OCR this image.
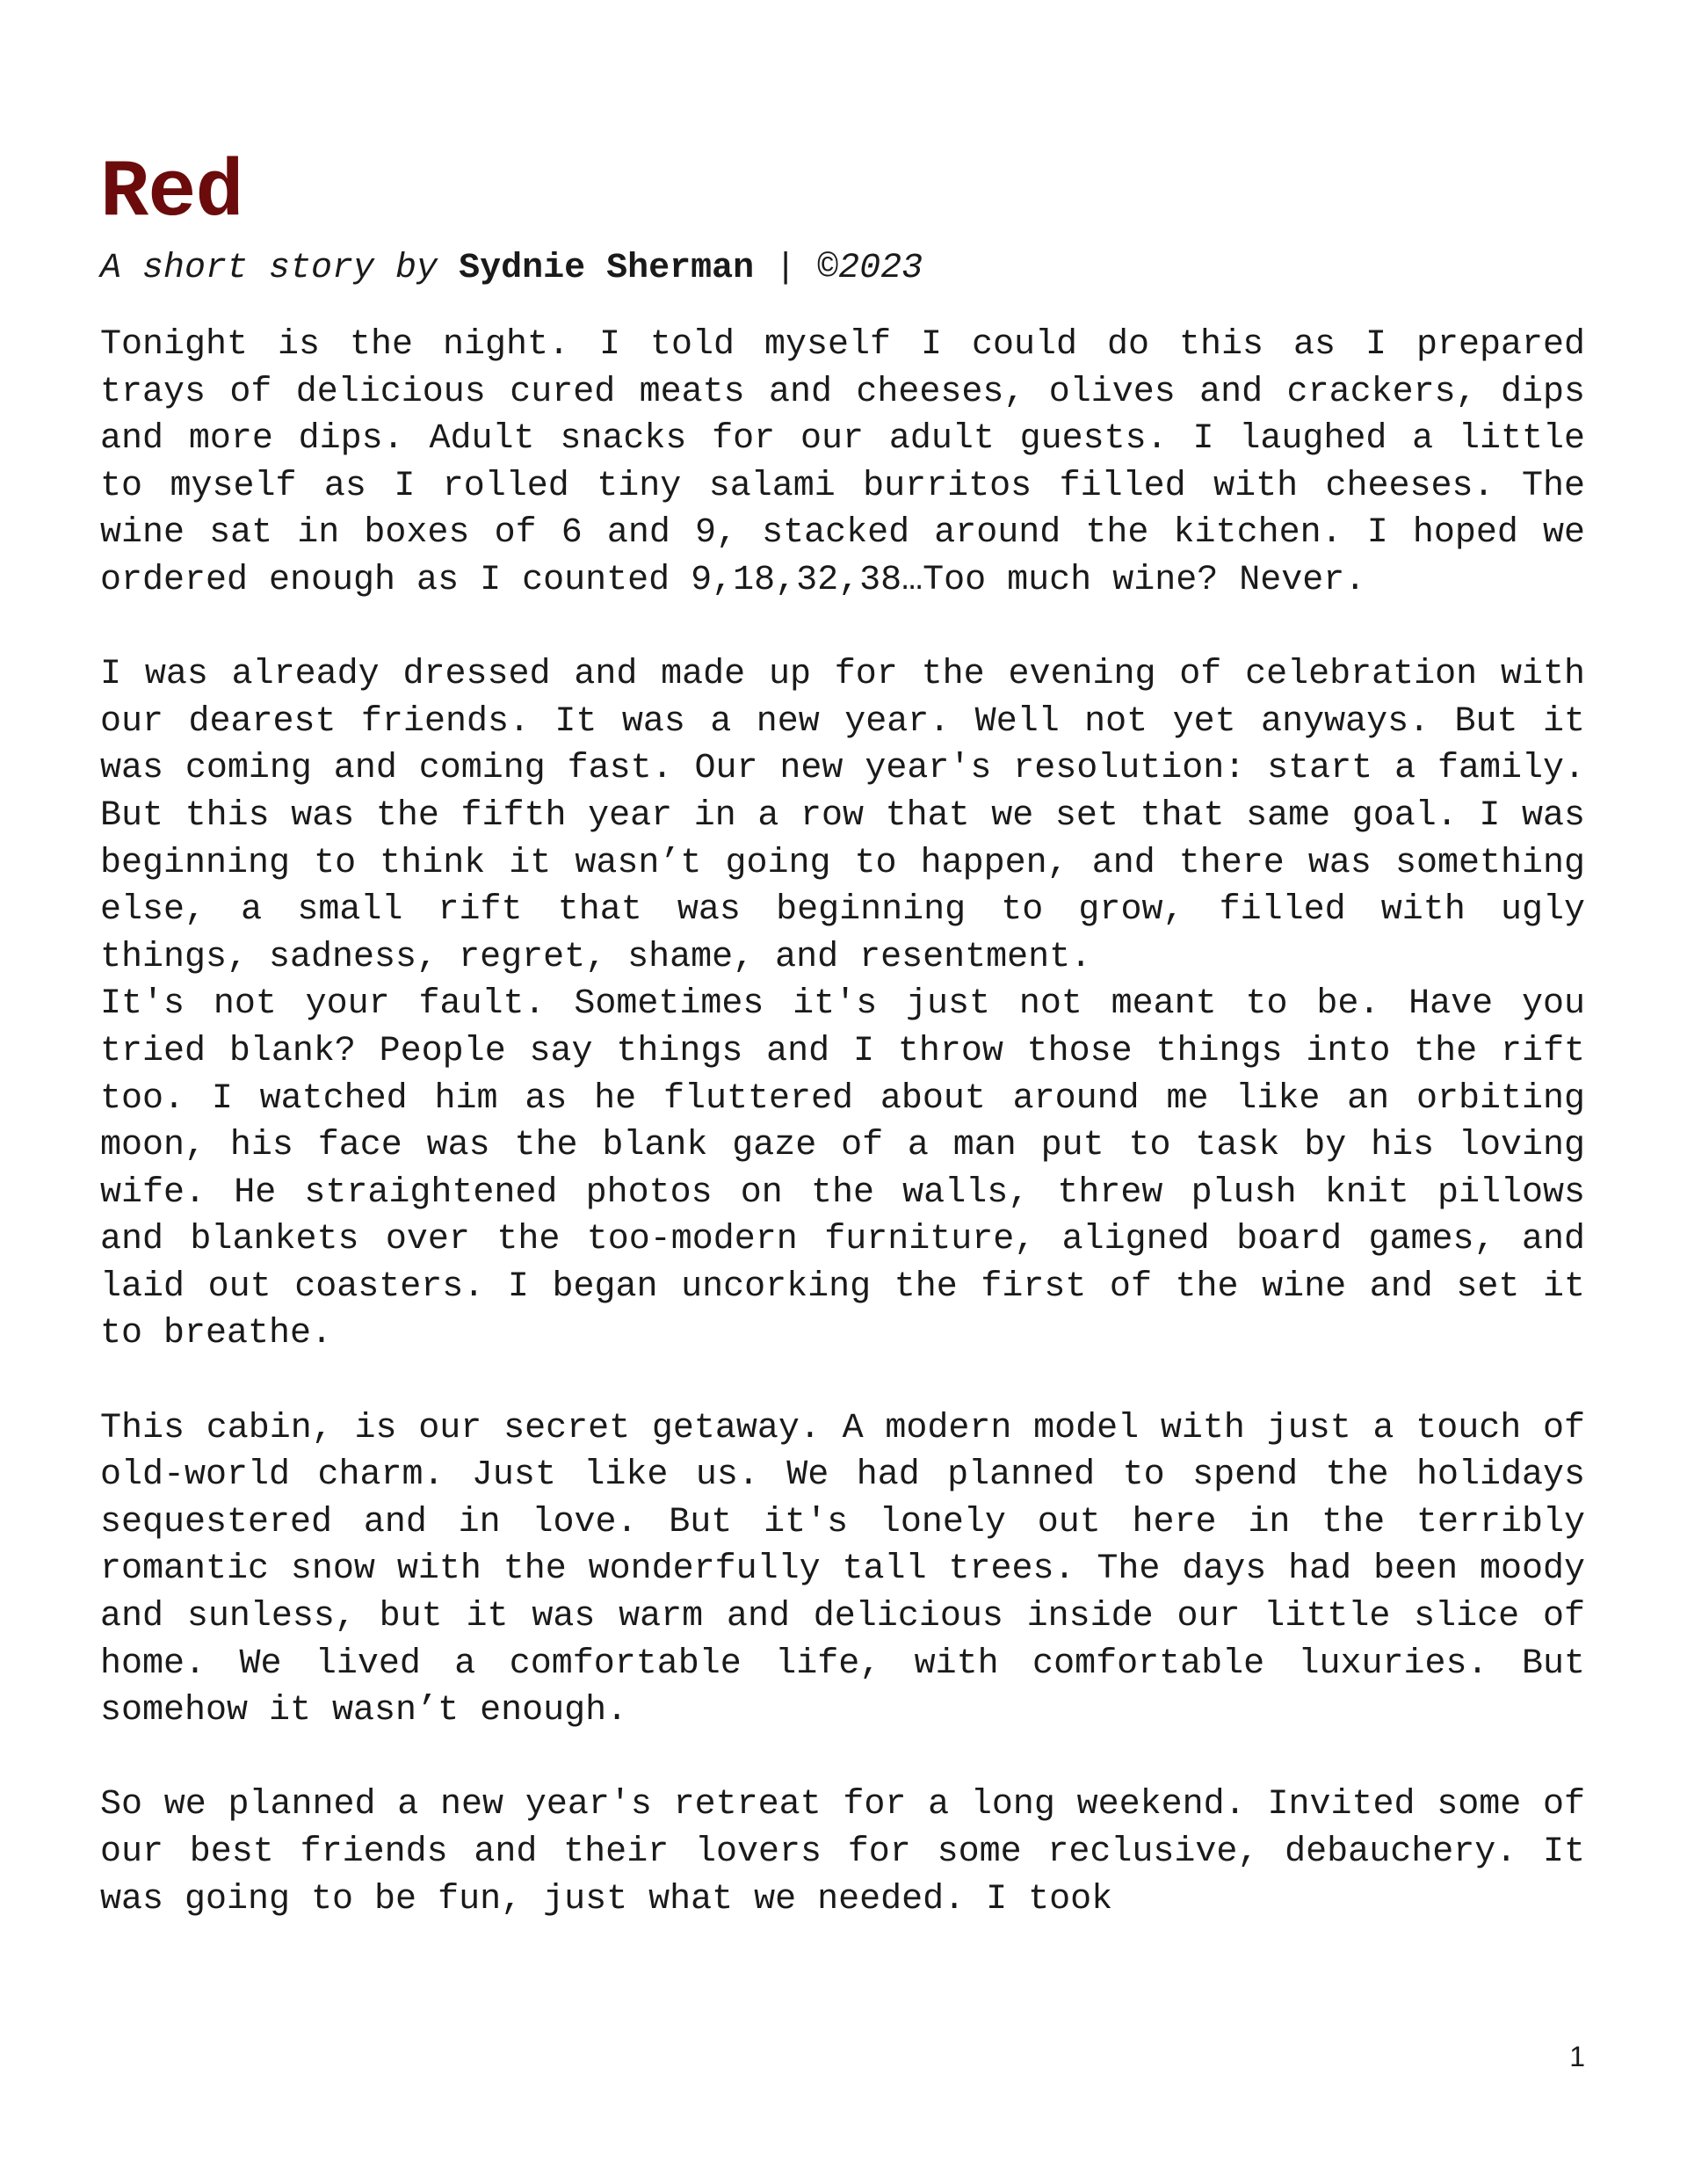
Red
A short story by Sydnie Sherman | ©2023

Tonight is the night. I told myself I could do this as I prepared trays of delicious cured meats and cheeses, olives and crackers, dips and more dips. Adult snacks for our adult guests. I laughed a little to myself as I rolled tiny salami burritos filled with cheeses. The wine sat in boxes of 6 and 9, stacked around the kitchen. I hoped we ordered enough as I counted 9,18,32,38…Too much wine? Never.

I was already dressed and made up for the evening of celebration with our dearest friends. It was a new year. Well not yet anyways. But it was coming and coming fast. Our new year's resolution: start a family. But this was the fifth year in a row that we set that same goal. I was beginning to think it wasn’t going to happen, and there was something else, a small rift that was beginning to grow, filled with ugly things, sadness, regret, shame, and resentment.

It's not your fault. Sometimes it's just not meant to be. Have you tried blank? People say things and I throw those things into the rift too. I watched him as he fluttered about around me like an orbiting moon, his face was the blank gaze of a man put to task by his loving wife. He straightened photos on the walls, threw plush knit pillows and blankets over the too-modern furniture, aligned board games, and laid out coasters. I began uncorking the first of the wine and set it to breathe.

This cabin, is our secret getaway. A modern model with just a touch of old-world charm. Just like us. We had planned to spend the holidays sequestered and in love. But it's lonely out here in the terribly romantic snow with the wonderfully tall trees. The days had been moody and sunless, but it was warm and delicious inside our little slice of home. We lived a comfortable life, with comfortable luxuries. But somehow it wasn’t enough.

So we planned a new year's retreat for a long weekend. Invited some of our best friends and their lovers for some reclusive, debauchery. It was going to be fun, just what we needed. I took

1
